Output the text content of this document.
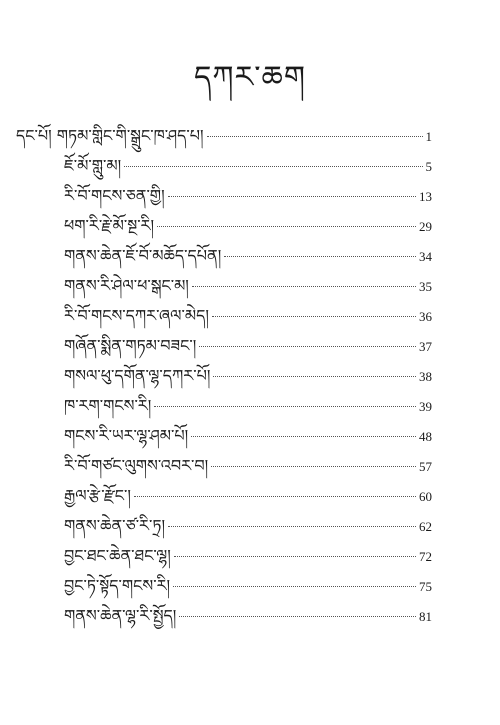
དཀར་ཆག
དང་པོ། གཏམ་གླིང་གི་སྒྲུང་ཁ་ཤད་པ།	1
ཇོ་མོ་གླུ་མ།	5
རི་བོ་གངས་ཅན་གྱི།	13
ཕག་རི་རྗེ་མོ་སྔ་རི།	29
གནས་ཆེན་ཇོ་བོ་མཆོད་དཔོན།	34
གནས་རི་ཤེལ་ཕ་སྒང་མ།	35
རི་བོ་གངས་དཀར་ཞལ་མེད།	36
གཞོན་སྨིན་གཏམ་བཟང་།	37
གསལ་ཕུ་དགོན་ལྷ་དཀར་པོ།	38
ཁ་རག་གངས་རི།	39
གངས་རི་ཡར་ལྷ་ཤམ་པོ།	48
རི་བོ་གཙང་ལུགས་འབར་བ།	57
རྒྱལ་རྩེ་རྫོང་།	60
གནས་ཆེན་ཙ་རི་ཏྲ།	62
བྱང་ཐང་ཆེན་ཐང་ལྷ།	72
བྱང་ཏེ་སྟོད་གངས་རི།	75
གནས་ཆེན་ལྷ་རི་སྤྱོད།	81
